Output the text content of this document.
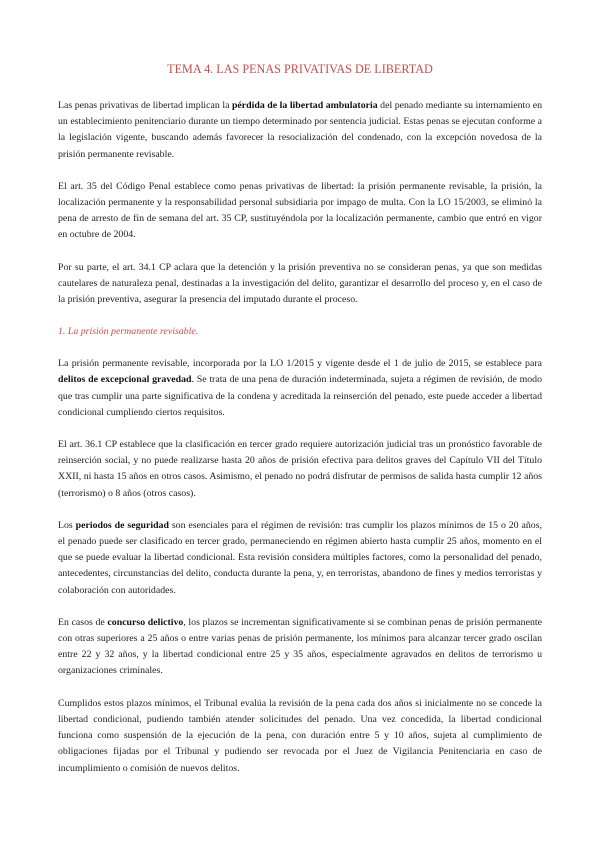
TEMA 4. LAS PENAS PRIVATIVAS DE LIBERTAD

Las penas privativas de libertad implican la pérdida de la libertad ambulatoria del penado mediante su internamiento en un establecimiento penitenciario durante un tiempo determinado por sentencia judicial. Estas penas se ejecutan conforme a la legislación vigente, buscando además favorecer la resocialización del condenado, con la excepción novedosa de la prisión permanente revisable.

El art. 35 del Código Penal establece como penas privativas de libertad: la prisión permanente revisable, la prisión, la localización permanente y la responsabilidad personal subsidiaria por impago de multa. Con la LO 15/2003, se eliminó la pena de arresto de fin de semana del art. 35 CP, sustituyéndola por la localización permanente, cambio que entró en vigor en octubre de 2004.

Por su parte, el art. 34.1 CP aclara que la detención y la prisión preventiva no se consideran penas, ya que son medidas cautelares de naturaleza penal, destinadas a la investigación del delito, garantizar el desarrollo del proceso y, en el caso de la prisión preventiva, asegurar la presencia del imputado durante el proceso.

1. La prisión permanente revisable.

La prisión permanente revisable, incorporada por la LO 1/2015 y vigente desde el 1 de julio de 2015, se establece para delitos de excepcional gravedad. Se trata de una pena de duración indeterminada, sujeta a régimen de revisión, de modo que tras cumplir una parte significativa de la condena y acreditada la reinserción del penado, este puede acceder a libertad condicional cumpliendo ciertos requisitos.

El art. 36.1 CP establece que la clasificación en tercer grado requiere autorización judicial tras un pronóstico favorable de reinserción social, y no puede realizarse hasta 20 años de prisión efectiva para delitos graves del Capítulo VII del Título XXII, ni hasta 15 años en otros casos. Asimismo, el penado no podrá disfrutar de permisos de salida hasta cumplir 12 años (terrorismo) o 8 años (otros casos).

Los periodos de seguridad son esenciales para el régimen de revisión: tras cumplir los plazos mínimos de 15 o 20 años, el penado puede ser clasificado en tercer grado, permaneciendo en régimen abierto hasta cumplir 25 años, momento en el que se puede evaluar la libertad condicional. Esta revisión considera múltiples factores, como la personalidad del penado, antecedentes, circunstancias del delito, conducta durante la pena, y, en terroristas, abandono de fines y medios terroristas y colaboración con autoridades.

En casos de concurso delictivo, los plazos se incrementan significativamente si se combinan penas de prisión permanente con otras superiores a 25 años o entre varias penas de prisión permanente, los mínimos para alcanzar tercer grado oscilan entre 22 y 32 años, y la libertad condicional entre 25 y 35 años, especialmente agravados en delitos de terrorismo u organizaciones criminales.

Cumplidos estos plazos mínimos, el Tribunal evalúa la revisión de la pena cada dos años si inicialmente no se concede la libertad condicional, pudiendo también atender solicitudes del penado. Una vez concedida, la libertad condicional funciona como suspensión de la ejecución de la pena, con duración entre 5 y 10 años, sujeta al cumplimiento de obligaciones fijadas por el Tribunal y pudiendo ser revocada por el Juez de Vigilancia Penitenciaria en caso de incumplimiento o comisión de nuevos delitos.
